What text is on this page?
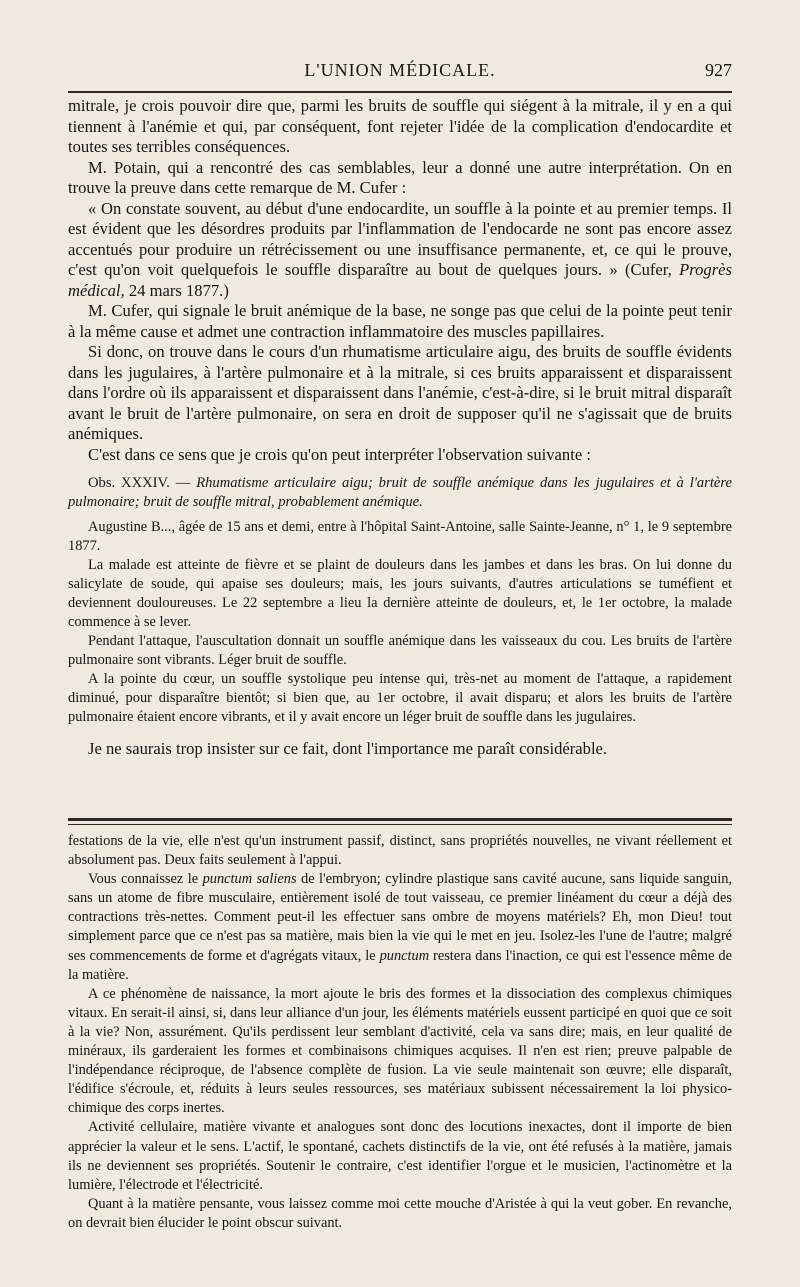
L'UNION MÉDICALE.	927

mitrale, je crois pouvoir dire que, parmi les bruits de souffle qui siégent à la mitrale, il y en a qui tiennent à l'anémie et qui, par conséquent, font rejeter l'idée de la complication d'endocardite et toutes ses terribles conséquences.

M. Potain, qui a rencontré des cas semblables, leur a donné une autre interprétation. On en trouve la preuve dans cette remarque de M. Cufer :

« On constate souvent, au début d'une endocardite, un souffle à la pointe et au premier temps. Il est évident que les désordres produits par l'inflammation de l'endocarde ne sont pas encore assez accentués pour produire un rétrécissement ou une insuffisance permanente, et, ce qui le prouve, c'est qu'on voit quelquefois le souffle disparaître au bout de quelques jours. » (Cufer, Progrès médical, 24 mars 1877.)

M. Cufer, qui signale le bruit anémique de la base, ne songe pas que celui de la pointe peut tenir à la même cause et admet une contraction inflammatoire des muscles papillaires.

Si donc, on trouve dans le cours d'un rhumatisme articulaire aigu, des bruits de souffle évidents dans les jugulaires, à l'artère pulmonaire et à la mitrale, si ces bruits apparaissent et disparaissent dans l'ordre où ils apparaissent et disparaissent dans l'anémie, c'est-à-dire, si le bruit mitral disparaît avant le bruit de l'artère pulmonaire, on sera en droit de supposer qu'il ne s'agissait que de bruits anémiques.

C'est dans ce sens que je crois qu'on peut interpréter l'observation suivante :

Obs. XXXIV. — Rhumatisme articulaire aigu; bruit de souffle anémique dans les jugulaires et à l'artère pulmonaire; bruit de souffle mitral, probablement anémique.

Augustine B..., âgée de 15 ans et demi, entre à l'hôpital Saint-Antoine, salle Sainte-Jeanne, n° 1, le 9 septembre 1877.

La malade est atteinte de fièvre et se plaint de douleurs dans les jambes et dans les bras. On lui donne du salicylate de soude, qui apaise ses douleurs; mais, les jours suivants, d'autres articulations se tuméfient et deviennent douloureuses. Le 22 septembre a lieu la dernière atteinte de douleurs, et, le 1er octobre, la malade commence à se lever.

Pendant l'attaque, l'auscultation donnait un souffle anémique dans les vaisseaux du cou. Les bruits de l'artère pulmonaire sont vibrants. Léger bruit de souffle.

A la pointe du cœur, un souffle systolique peu intense qui, très-net au moment de l'attaque, a rapidement diminué, pour disparaître bientôt; si bien que, au 1er octobre, il avait disparu; et alors les bruits de l'artère pulmonaire étaient encore vibrants, et il y avait encore un léger bruit de souffle dans les jugulaires.

Je ne saurais trop insister sur ce fait, dont l'importance me paraît considérable.

festations de la vie, elle n'est qu'un instrument passif, distinct, sans propriétés nouvelles, ne vivant réellement et absolument pas. Deux faits seulement à l'appui.

Vous connaissez le punctum saliens de l'embryon; cylindre plastique sans cavité aucune, sans liquide sanguin, sans un atome de fibre musculaire, entièrement isolé de tout vaisseau, ce premier linéament du cœur a déjà des contractions très-nettes. Comment peut-il les effectuer sans ombre de moyens matériels? Eh, mon Dieu! tout simplement parce que ce n'est pas sa matière, mais bien la vie qui le met en jeu. Isolez-les l'une de l'autre; malgré ses commencements de forme et d'agrégats vitaux, le punctum restera dans l'inaction, ce qui est l'essence même de la matière.

A ce phénomène de naissance, la mort ajoute le bris des formes et la dissociation des complexus chimiques vitaux. En serait-il ainsi, si, dans leur alliance d'un jour, les éléments matériels eussent participé en quoi que ce soit à la vie? Non, assurément. Qu'ils perdissent leur semblant d'activité, cela va sans dire; mais, en leur qualité de minéraux, ils garderaient les formes et combinaisons chimiques acquises. Il n'en est rien; preuve palpable de l'indépendance réciproque, de l'absence complète de fusion. La vie seule maintenait son œuvre; elle disparaît, l'édifice s'écroule, et, réduits à leurs seules ressources, ses matériaux subissent nécessairement la loi physico-chimique des corps inertes.

Activité cellulaire, matière vivante et analogues sont donc des locutions inexactes, dont il importe de bien apprécier la valeur et le sens. L'actif, le spontané, cachets distinctifs de la vie, ont été refusés à la matière, jamais ils ne deviennent ses propriétés. Soutenir le contraire, c'est identifier l'orgue et le musicien, l'actinomètre et la lumière, l'électrode et l'électricité.

Quant à la matière pensante, vous laissez comme moi cette mouche d'Aristée à qui la veut gober. En revanche, on devrait bien élucider le point obscur suivant.
